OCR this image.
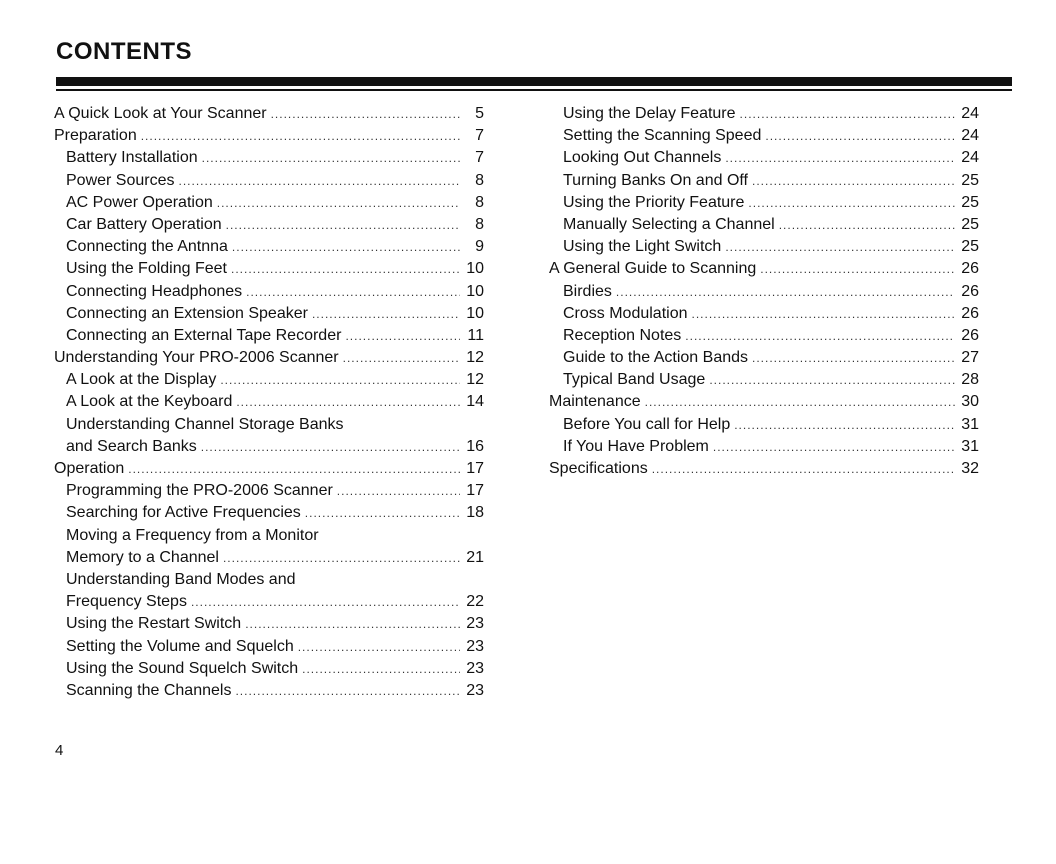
CONTENTS
A Quick Look at Your Scanner .....	5
Preparation .....	7
Battery Installation .....	7
Power Sources .....	8
AC Power Operation .....	8
Car Battery Operation .....	8
Connecting the Antnna .....	9
Using the Folding Feet .....	10
Connecting Headphones .....	10
Connecting an Extension Speaker .....	10
Connecting an External Tape Recorder .....	11
Understanding Your PRO-2006 Scanner .....	12
A Look at the Display .....	12
A Look at the Keyboard .....	14
Understanding Channel Storage Banks
and Search Banks .....	16
Operation .....	17
Programming the PRO-2006 Scanner .....	17
Searching for Active Frequencies .....	18
Moving a Frequency from a Monitor
Memory to a Channel .....	21
Understanding Band Modes and
Frequency Steps .....	22
Using the Restart Switch .....	23
Setting the Volume and Squelch .....	23
Using the Sound Squelch Switch .....	23
Scanning the Channels .....	23
Using the Delay Feature .....	24
Setting the Scanning Speed .....	24
Looking Out Channels .....	24
Turning Banks On and Off .....	25
Using the Priority Feature .....	25
Manually Selecting a Channel .....	25
Using the Light Switch .....	25
A General Guide to Scanning .....	26
Birdies .....	26
Cross Modulation .....	26
Reception Notes .....	26
Guide to the Action Bands .....	27
Typical Band Usage .....	28
Maintenance .....	30
Before You call for Help .....	31
If You Have Problem .....	31
Specifications .....	32
4
